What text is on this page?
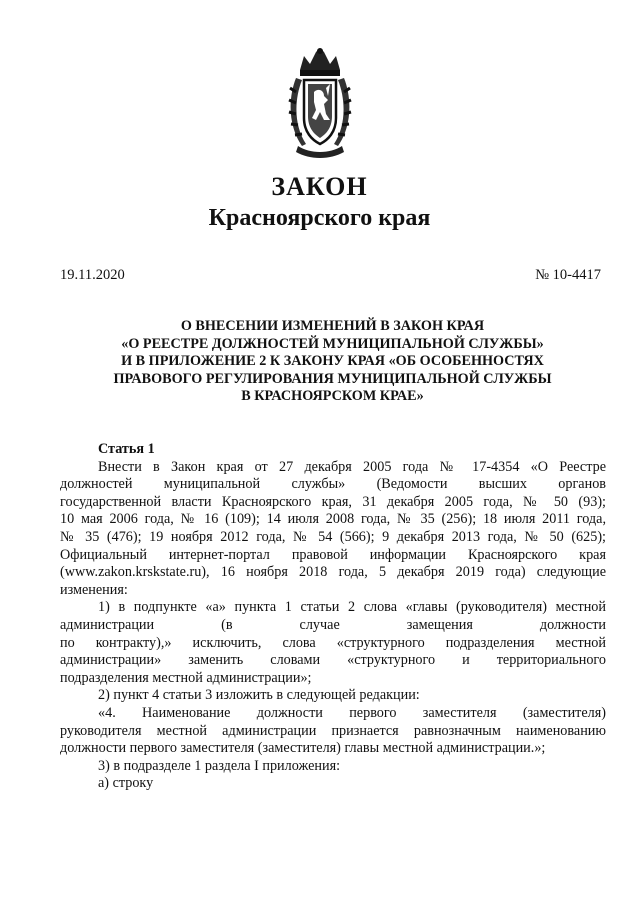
ЗАКОН
Красноярского края
19.11.2020	№ 10-4417
О ВНЕСЕНИИ ИЗМЕНЕНИЙ В ЗАКОН КРАЯ
«О РЕЕСТРЕ ДОЛЖНОСТЕЙ МУНИЦИПАЛЬНОЙ СЛУЖБЫ»
И В ПРИЛОЖЕНИЕ 2 К ЗАКОНУ КРАЯ «ОБ ОСОБЕННОСТЯХ
ПРАВОВОГО РЕГУЛИРОВАНИЯ МУНИЦИПАЛЬНОЙ СЛУЖБЫ
В КРАСНОЯРСКОМ КРАЕ»
Статья 1
Внести в Закон края от 27 декабря 2005 года № 17-4354 «О Реестре
должностей муниципальной службы» (Ведомости высших органов
государственной власти Красноярского края, 31 декабря 2005 года, № 50 (93);
10 мая 2006 года, № 16 (109); 14 июля 2008 года, № 35 (256); 18 июля 2011 года,
№ 35 (476); 19 ноября 2012 года, № 54 (566); 9 декабря 2013 года, № 50 (625);
Официальный интернет-портал правовой информации Красноярского края
(www.zakon.krskstate.ru), 16 ноября 2018 года, 5 декабря 2019 года) следующие
изменения:
1) в подпункте «а» пункта 1 статьи 2 слова «главы (руководителя) местной
администрации (в случае замещения должности
по контракту),» исключить, слова «структурного подразделения местной
администрации» заменить словами «структурного и территориального
подразделения местной администрации»;
2) пункт 4 статьи 3 изложить в следующей редакции:
«4. Наименование должности первого заместителя (заместителя)
руководителя местной администрации признается равнозначным наименованию
должности первого заместителя (заместителя) главы местной администрации.»;
3) в подразделе 1 раздела I приложения:
а) строку
